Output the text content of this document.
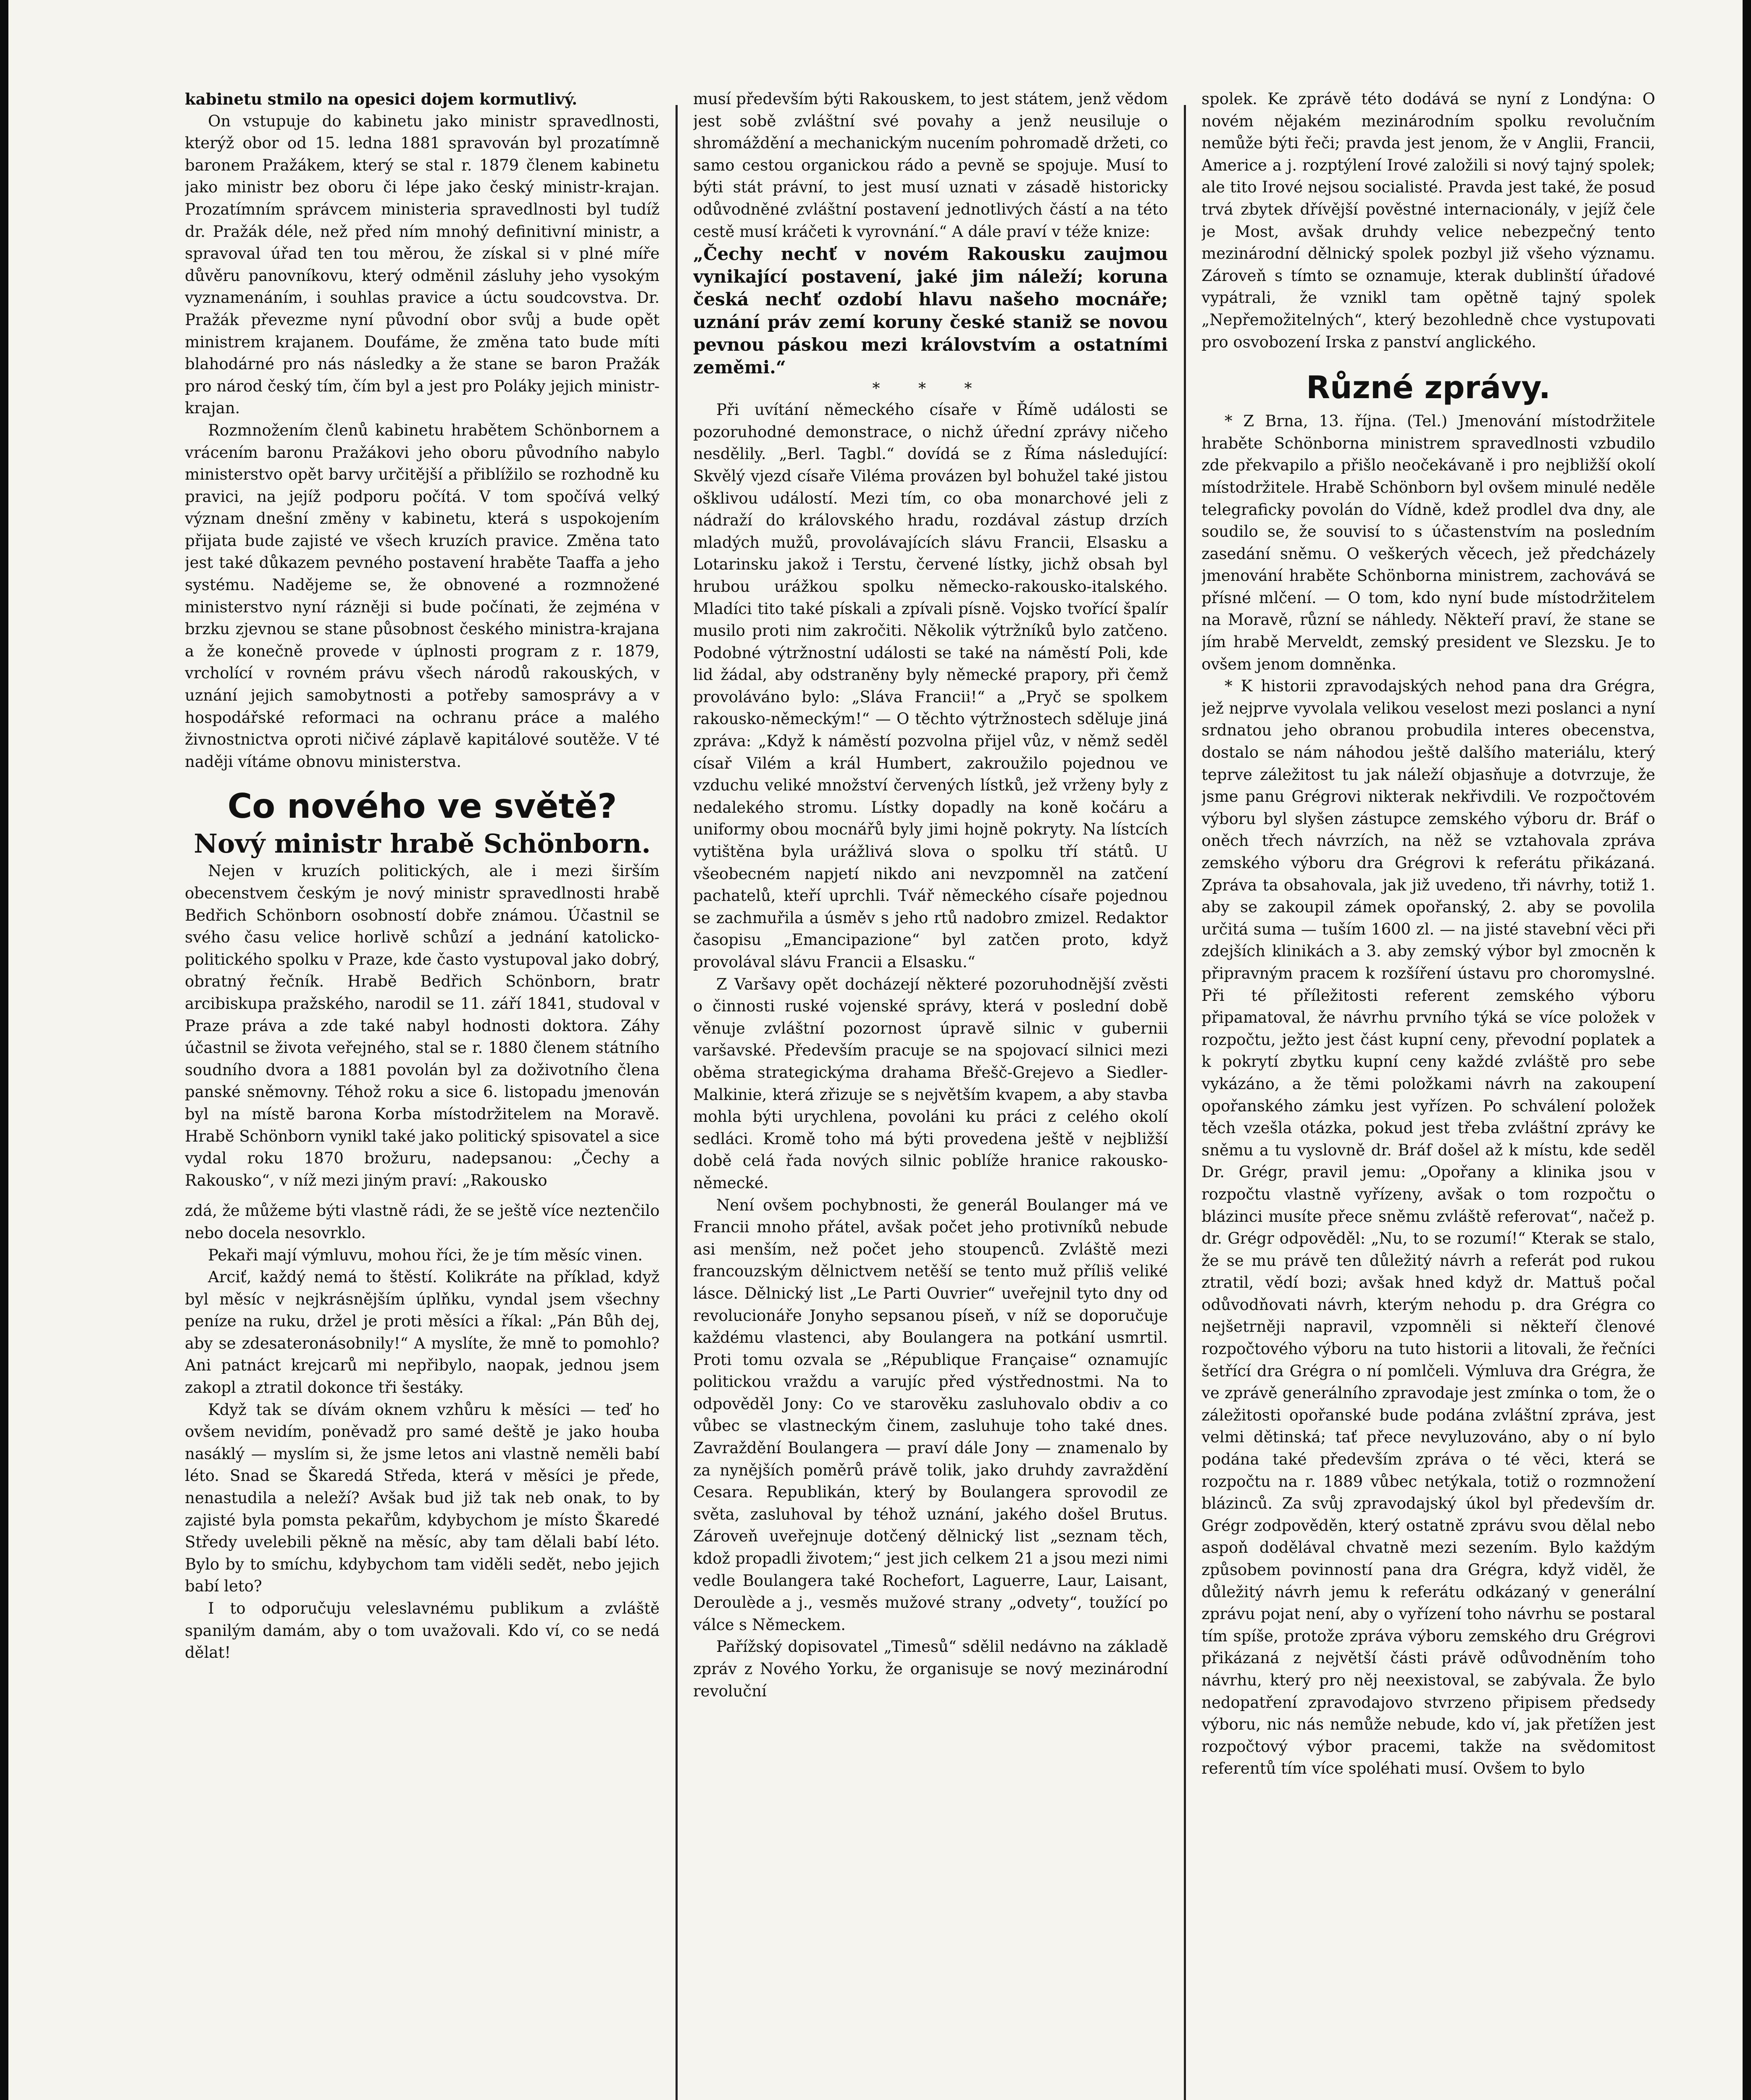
kabinetu stmilo na opesici dojem kormutlivý.

On vstupuje do kabinetu jako ministr spravedlnosti, kterýž obor od 15. ledna 1881 spravován byl prozatímně baronem Pražákem, který se stal r. 1879 členem kabinetu jako ministr bez oboru či lépe jako český ministr-krajan. Prozatímním správcem ministeria spravedlnosti byl tudíž dr. Pražák déle, než před ním mnohý definitivní ministr, a spravoval úřad ten tou měrou, že získal si v plné míře důvěru panovníkovu, který odměnil zásluhy jeho vysokým vyznamenáním, i souhlas pravice a úctu soudcovstva. Dr. Pražák převezme nyní původní obor svůj a bude opět ministrem krajanem. Doufáme, že změna tato bude míti blahodárné pro nás následky a že stane se baron Pražák pro národ český tím, čím byl a jest pro Poláky jejich ministr-krajan.

Rozmnožením členů kabinetu hrabětem Schönbornem a vrácením baronu Pražákovi jeho oboru původního nabylo ministerstvo opět barvy určitější a přiblížilo se rozhodně ku pravici, na jejíž podporu počítá. V tom spočívá velký význam dnešní změny v kabinetu, která s uspokojením přijata bude zajisté ve všech kruzích pravice. Změna tato jest také důkazem pevného postavení hraběte Taaffa a jeho systému. Nadějeme se, že obnovené a rozmnožené ministerstvo nyní rázněji si bude počínati, že zejména v brzku zjevnou se stane působnost českého ministra-krajana a že konečně provede v úplnosti program z r. 1879, vrcholící v rovném právu všech národů rakouských, v uznání jejich samobytnosti a potřeby samosprávy a v hospodářské reformaci na ochranu práce a malého živnostnictva oproti ničivé záplavě kapitálové soutěže. V té naději vítáme obnovu ministerstva.

Co nového ve světě?
Nový ministr hrabě Schönborn.

Nejen v kruzích politických, ale i mezi širším obecenstvem českým je nový ministr spravedlnosti hrabě Bedřich Schönborn osobností dobře známou. Účastnil se svého času velice horlivě schůzí a jednání katolicko-politického spolku v Praze, kde často vystupoval jako dobrý, obratný řečník. Hrabě Bedřich Schönborn, bratr arcibiskupa pražského, narodil se 11. září 1841, studoval v Praze práva a zde také nabyl hodnosti doktora. Záhy účastnil se života veřejného, stal se r. 1880 členem státního soudního dvora a 1881 povolán byl za doživotního člena panské sněmovny. Téhož roku a sice 6. listopadu jmenován byl na místě barona Korba místodržitelem na Moravě. Hrabě Schönborn vynikl také jako politický spisovatel a sice vydal roku 1870 brožuru, nadepsanou: „Čechy a Rakousko“, v níž mezi jiným praví: „Rakousko

zdá, že můžeme býti vlastně rádi, že se ještě více neztenčilo nebo docela nesovrklo.

Pekaři mají výmluvu, mohou říci, že je tím měsíc vinen.

Arciť, každý nemá to štěstí. Kolikráte na příklad, když byl měsíc v nejkrásnějším úplňku, vyndal jsem všechny peníze na ruku, držel je proti měsíci a říkal: „Pán Bůh dej, aby se zdesateronásobnily!“ A myslíte, že mně to pomohlo? Ani patnáct krejcarů mi nepřibylo, naopak, jednou jsem zakopl a ztratil dokonce tři šestáky.

Když tak se dívám oknem vzhůru k měsíci — teď ho ovšem nevidím, poněvadž pro samé deště je jako houba nasáklý — myslím si, že jsme letos ani vlastně neměli babí léto. Snad se Škaredá Středa, která v měsíci je přede, nenastudila a neleží? Avšak bud již tak neb onak, to by zajisté byla pomsta pekařům, kdybychom je místo Škaredé Středy uvelebili pěkně na měsíc, aby tam dělali babí léto. Bylo by to smíchu, kdybychom tam viděli sedět, nebo jejich babí leto?

I to odporučuju veleslavnému publikum a zvláště spanilým damám, aby o tom uvažovali. Kdo ví, co se nedá dělat!

musí především býti Rakouskem, to jest státem, jenž vědom jest sobě zvláštní své povahy a jenž neusiluje o shromáždění a mechanickým nucením pohromadě držeti, co samo cestou organickou rádo a pevně se spojuje. Musí to býti stát právní, to jest musí uznati v zásadě historicky odůvodněné zvláštní postavení jednotlivých částí a na této cestě musí kráčeti k vyrovnání.“ A dále praví v téže knize:

„Čechy nechť v novém Rakousku zaujmou vynikající postavení, jaké jim náleží; koruna česká nechť ozdobí hlavu našeho mocnáře; uznání práv zemí koruny české staniž se novou pevnou páskou mezi královstvím a ostatními zeměmi.“

* * *

Při uvítání německého císaře v Římě události se pozoruhodné demonstrace, o nichž úřední zprávy ničeho nesdělily. „Berl. Tagbl.“ dovídá se z Říma následující: Skvělý vjezd císaře Viléma provázen byl bohužel také jistou ošklivou událostí. Mezi tím, co oba monarchové jeli z nádraží do královského hradu, rozdával zástup drzích mladých mužů, provolávajících slávu Francii, Elsasku a Lotarinsku jakož i Terstu, červené lístky, jichž obsah byl hrubou urážkou spolku německo-rakousko-italského. Mladíci tito také pískali a zpívali písně. Vojsko tvořící špalír musilo proti nim zakročiti. Několik výtržníků bylo zatčeno. Podobné výtržnostní události se také na náměstí Poli, kde lid žádal, aby odstraněny byly německé prapory, při čemž provoláváno bylo: „Sláva Francii!“ a „Pryč se spolkem rakousko-německým!“ — O těchto výtržnostech sděluje jiná zpráva: „Když k náměstí pozvolna přijel vůz, v němž seděl císař Vilém a král Humbert, zakroužilo pojednou ve vzduchu veliké množství červených lístků, jež vrženy byly z nedalekého stromu. Lístky dopadly na koně kočáru a uniformy obou mocnářů byly jimi hojně pokryty. Na lístcích vytištěna byla urážlivá slova o spolku tří států. U všeobecném napjetí nikdo ani nevzpomněl na zatčení pachatelů, kteří uprchli. Tvář německého císaře pojednou se zachmuřila a úsměv s jeho rtů nadobro zmizel. Redaktor časopisu „Emancipazione“ byl zatčen proto, když provolával slávu Francii a Elsasku.“

Z Varšavy opět docházejí některé pozoruhodnější zvěsti o činnosti ruské vojenské správy, která v poslední době věnuje zvláštní pozornost úpravě silnic v gubernii varšavské. Především pracuje se na spojovací silnici mezi oběma strategickýma drahama Břešč-Grejevo a Siedler-Malkinie, která zřizuje se s největším kvapem, a aby stavba mohla býti urychlena, povoláni ku práci z celého okolí sedláci. Kromě toho má býti provedena ještě v nejbližší době celá řada nových silnic poblíže hranice rakousko-německé.

Není ovšem pochybnosti, že generál Boulanger má ve Francii mnoho přátel, avšak počet jeho protivníků nebude asi menším, než počet jeho stoupenců. Zvláště mezi francouzským dělnictvem netěší se tento muž příliš veliké lásce. Dělnický list „Le Parti Ouvrier“ uveřejnil tyto dny od revolucionáře Jonyho sepsanou píseň, v níž se doporučuje každému vlastenci, aby Boulangera na potkání usmrtil. Proti tomu ozvala se „République Française“ oznamujíc politickou vraždu a varujíc před výstřednostmi. Na to odpověděl Jony: Co ve starověku zasluhovalo obdiv a co vůbec se vlastneckým činem, zasluhuje toho také dnes. Zavraždění Boulangera — praví dále Jony — znamenalo by za nynějších poměrů právě tolik, jako druhdy zavraždění Cesara. Republikán, který by Boulangera sprovodil ze světa, zasluhoval by téhož uznání, jakého došel Brutus. Zároveň uveřejnuje dotčený dělnický list „seznam těch, kdož propadli životem;“ jest jich celkem 21 a jsou mezi nimi vedle Boulangera také Rochefort, Laguerre, Laur, Laisant, Deroulède a j., vesměs mužové strany „odvety“, toužící po válce s Německem.

Pařížský dopisovatel „Timesů“ sdělil nedávno na základě zpráv z Nového Yorku, že organisuje se nový mezinárodní revoluční

spolek. Ke zprávě této dodává se nyní z Londýna: O novém nějakém mezinárodním spolku revolučním nemůže býti řeči; pravda jest jenom, že v Anglii, Francii, Americe a j. rozptýlení Irové založili si nový tajný spolek; ale tito Irové nejsou socialisté. Pravda jest také, že posud trvá zbytek dřívější pověstné internacionály, v jejíž čele je Most, avšak druhdy velice nebezpečný tento mezinárodní dělnický spolek pozbyl již všeho významu. Zároveň s tímto se oznamuje, kterak dublinští úřadové vypátrali, že vznikl tam opětně tajný spolek „Nepřemožitelných“, který bezohledně chce vystupovati pro osvobození Irska z panství anglického.

Různé zprávy.

* Z Brna, 13. října. (Tel.) Jmenování místodržitele hraběte Schönborna ministrem spravedlnosti vzbudilo zde překvapilo a přišlo neočekávaně i pro nejbližší okolí místodržitele. Hrabě Schönborn byl ovšem minulé neděle telegraficky povolán do Vídně, kdež prodlel dva dny, ale soudilo se, že souvisí to s účastenstvím na posledním zasedání sněmu. O veškerých věcech, jež předcházely jmenování hraběte Schönborna ministrem, zachovává se přísné mlčení. — O tom, kdo nyní bude místodržitelem na Moravě, různí se náhledy. Někteří praví, že stane se jím hrabě Merveldt, zemský president ve Slezsku. Je to ovšem jenom domněnka.

* K historii zpravodajských nehod pana dra Grégra, jež nejprve vyvolala velikou veselost mezi poslanci a nyní srdnatou jeho obranou probudila interes obecenstva, dostalo se nám náhodou ještě dalšího materiálu, který teprve záležitost tu jak náleží objasňuje a dotvrzuje, že jsme panu Grégrovi nikterak nekřivdili. Ve rozpočtovém výboru byl slyšen zástupce zemského výboru dr. Bráf o oněch třech návrzích, na něž se vztahovala zpráva zemského výboru dra Grégrovi k referátu přikázaná. Zpráva ta obsahovala, jak již uvedeno, tři návrhy, totiž 1. aby se zakoupil zámek opořanský, 2. aby se povolila určitá suma — tuším 1600 zl. — na jisté stavební věci při zdejších klinikách a 3. aby zemský výbor byl zmocněn k připravným pracem k rozšíření ústavu pro choromyslné. Při té příležitosti referent zemského výboru připamatoval, že návrhu prvního týká se více položek v rozpočtu, ježto jest část kupní ceny, převodní poplatek a k pokrytí zbytku kupní ceny každé zvláště pro sebe vykázáno, a že těmi položkami návrh na zakoupení opořanského zámku jest vyřízen. Po schválení položek těch vzešla otázka, pokud jest třeba zvláštní zprávy ke sněmu a tu vyslovně dr. Bráf došel až k místu, kde seděl Dr. Grégr, pravil jemu: „Opořany a klinika jsou v rozpočtu vlastně vyřízeny, avšak o tom rozpočtu o blázinci musíte přece sněmu zvláště referovat“, načež p. dr. Grégr odpověděl: „Nu, to se rozumí!“ Kterak se stalo, že se mu právě ten důležitý návrh a referát pod rukou ztratil, vědí bozi; avšak hned když dr. Mattuš počal odůvodňovati návrh, kterým nehodu p. dra Grégra co nejšetrněji napravil, vzpomněli si někteří členové rozpočtového výboru na tuto historii a litovali, že řečníci šetřící dra Grégra o ní pomlčeli. Výmluva dra Grégra, že ve zprávě generálního zpravodaje jest zmínka o tom, že o záležitosti opořanské bude podána zvláštní zpráva, jest velmi dětinská; tať přece nevyluzováno, aby o ní bylo podána také především zpráva o té věci, která se rozpočtu na r. 1889 vůbec netýkala, totiž o rozmnožení blázinců. Za svůj zpravodajský úkol byl především dr. Grégr zodpověděn, který ostatně zprávu svou dělal nebo aspoň dodělával chvatně mezi sezením. Bylo každým způsobem povinností pana dra Grégra, když viděl, že důležitý návrh jemu k referátu odkázaný v generální zprávu pojat není, aby o vyřízení toho návrhu se postaral tím spíše, protože zpráva výboru zemského dru Grégrovi přikázaná z největší části právě odůvodněním toho návrhu, který pro něj neexistoval, se zabývala. Že bylo nedopatření zpravodajovo stvrzeno připisem předsedy výboru, nic nás nemůže nebude, kdo ví, jak přetížen jest rozpočtový výbor pracemi, takže na svědomitost referentů tím více spoléhati musí. Ovšem to bylo
